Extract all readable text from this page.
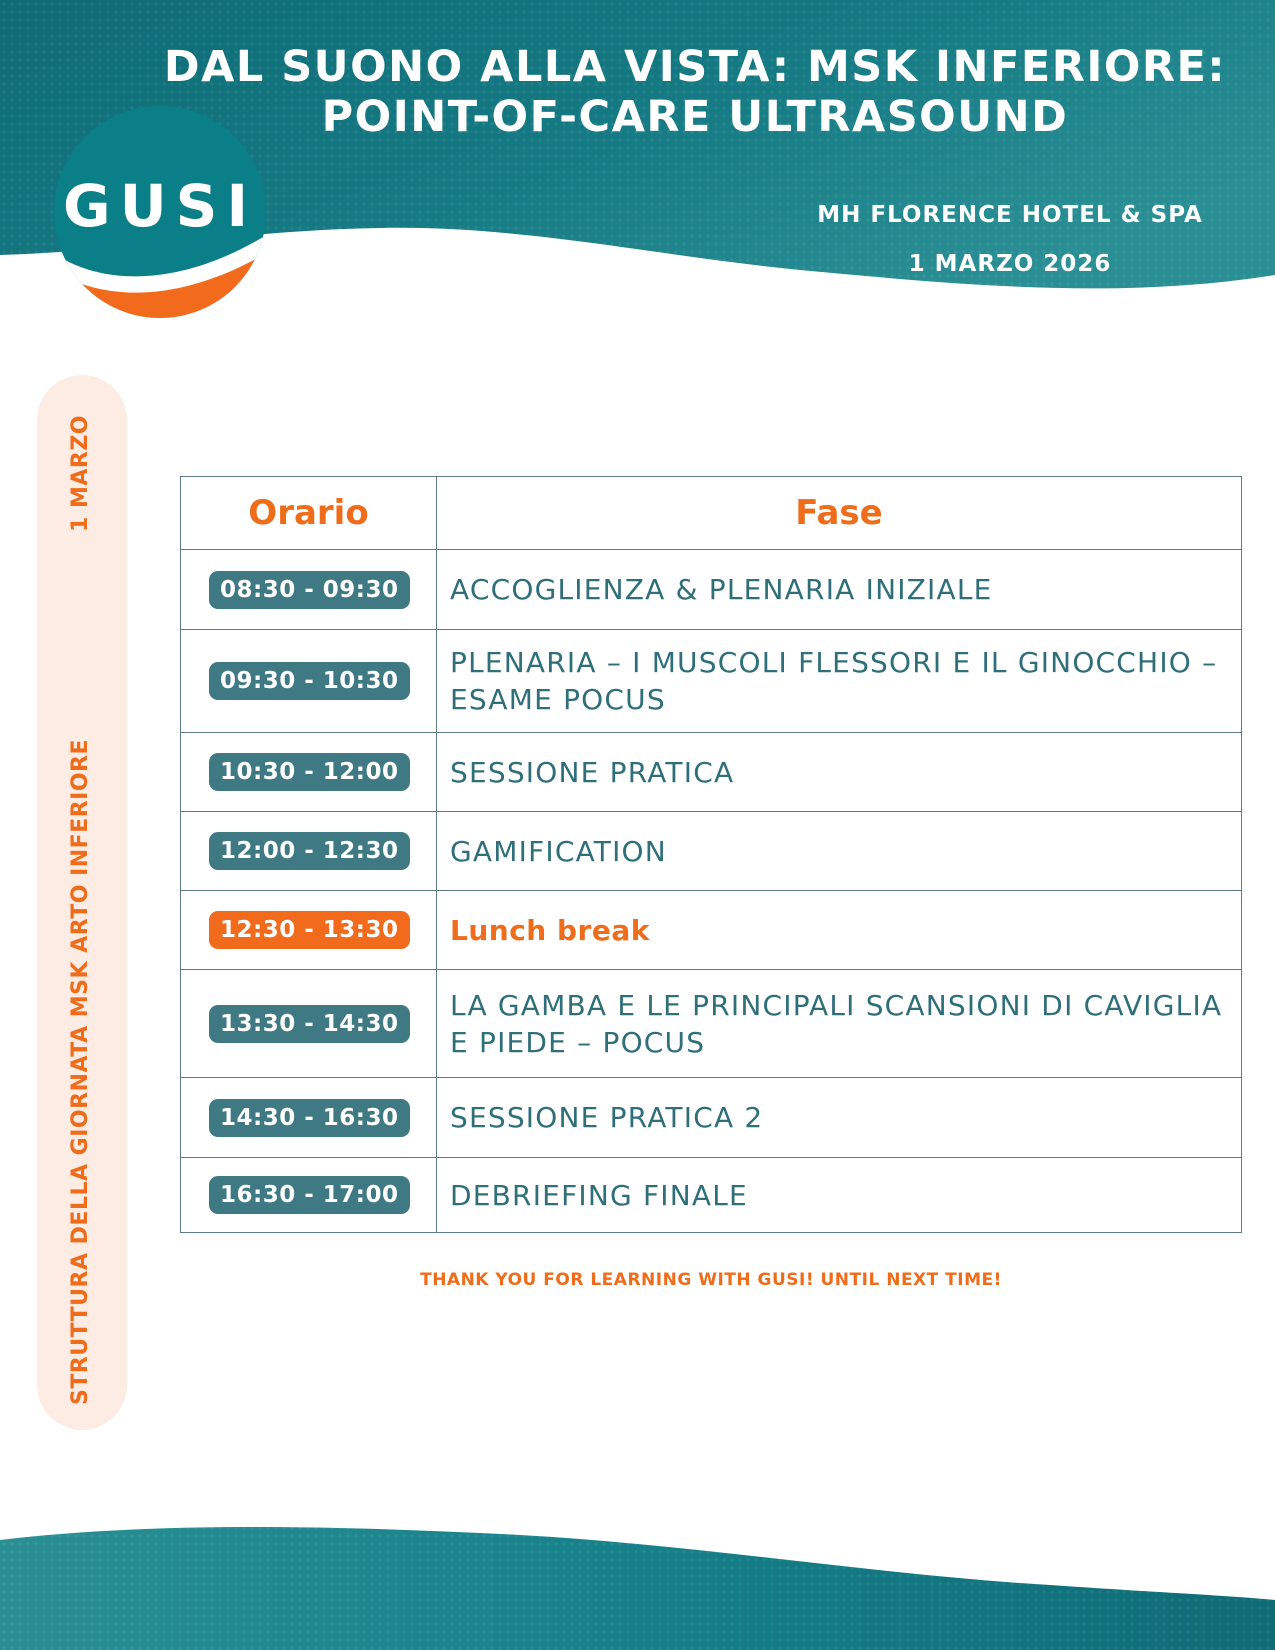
DAL SUONO ALLA VISTA: MSK INFERIORE:
POINT-OF-CARE ULTRASOUND
MH FLORENCE HOTEL & SPA
1 MARZO 2026
GUSI
1 MARZO
STRUTTURA DELLA GIORNATA MSK ARTO INFERIORE
Orario	Fase
08:30 - 09:30	ACCOGLIENZA & PLENARIA INIZIALE
09:30 - 10:30	PLENARIA – I MUSCOLI FLESSORI E IL GINOCCHIO – ESAME POCUS
10:30 - 12:00	SESSIONE PRATICA
12:00 - 12:30	GAMIFICATION
12:30 - 13:30	Lunch break
13:30 - 14:30	LA GAMBA E LE PRINCIPALI SCANSIONI DI CAVIGLIA E PIEDE – POCUS
14:30 - 16:30	SESSIONE PRATICA 2
16:30 - 17:00	DEBRIEFING FINALE
THANK YOU FOR LEARNING WITH GUSI! UNTIL NEXT TIME!
